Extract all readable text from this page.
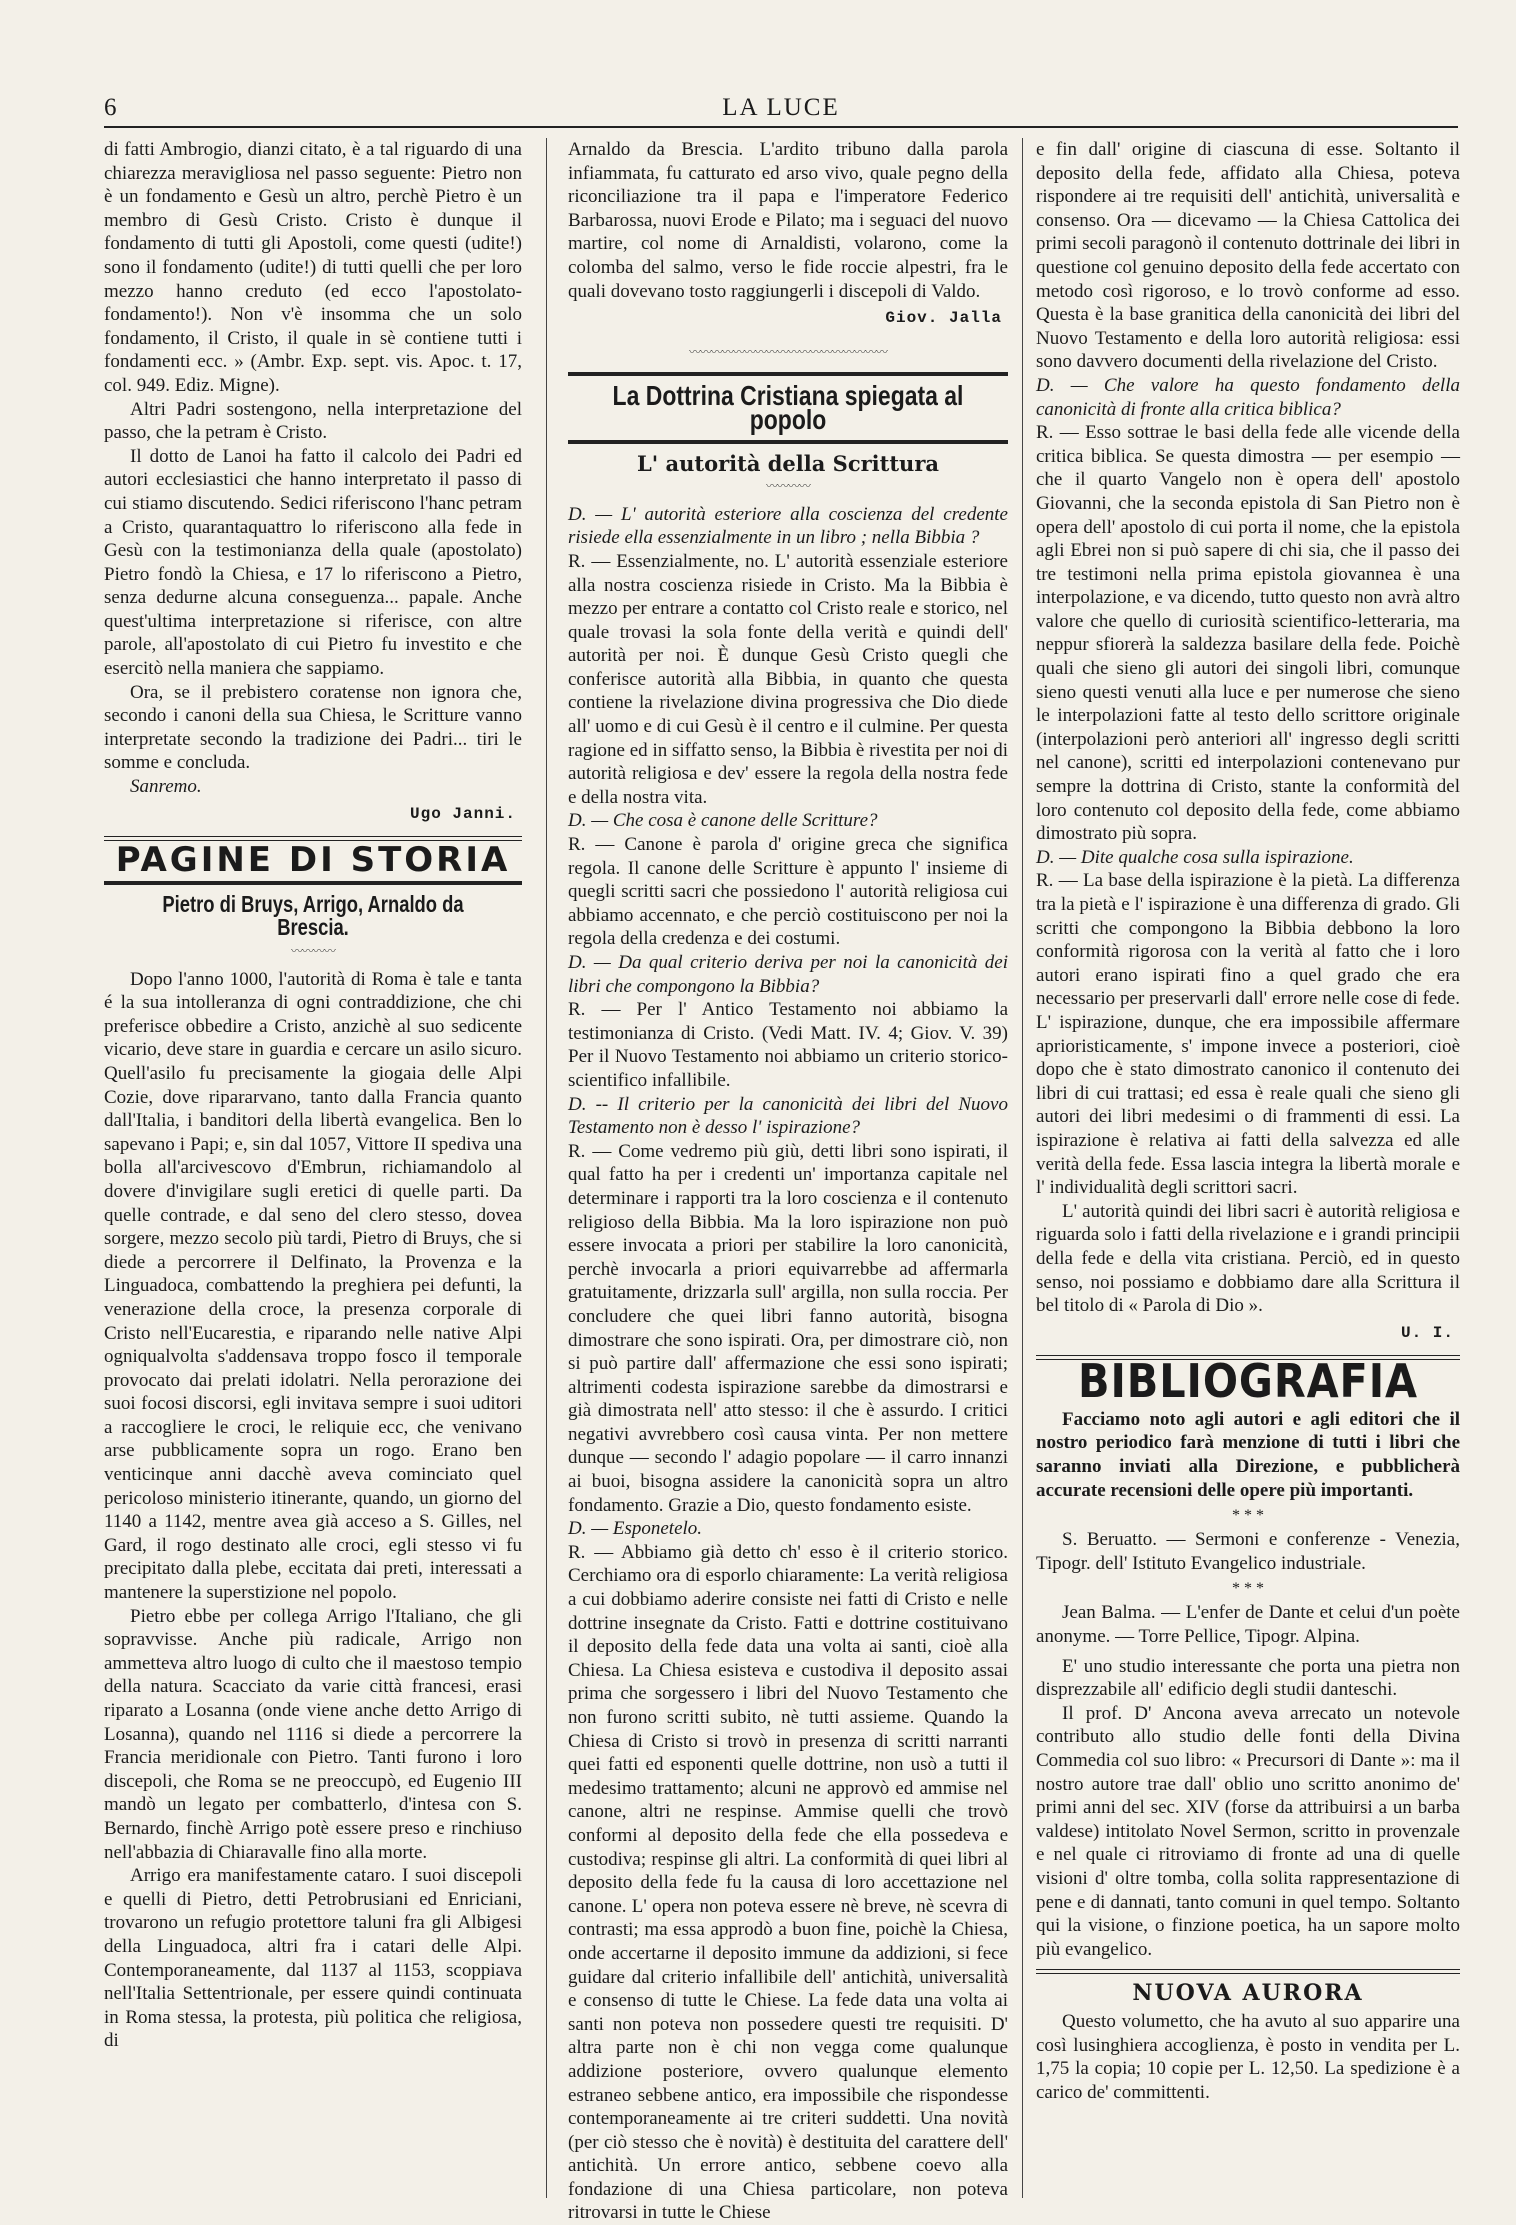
6	LA LUCE

di fatti Ambrogio, dianzi citato, è a tal riguardo di una chiarezza meravigliosa nel passo seguente: Pietro non è un fondamento e Gesù un altro, perchè Pietro è un membro di Gesù Cristo. Cristo è dunque il fondamento di tutti gli Apostoli, come questi (udite!) sono il fondamento (udite!) di tutti quelli che per loro mezzo hanno creduto (ed ecco l'apostolato-fondamento!). Non v'è insomma che un solo fondamento, il Cristo, il quale in sè contiene tutti i fondamenti ecc. » (Ambr. Exp. sept. vis. Apoc. t. 17, col. 949. Ediz. Migne).

Altri Padri sostengono, nella interpretazione del passo, che la petram è Cristo.

Il dotto de Lanoi ha fatto il calcolo dei Padri ed autori ecclesiastici che hanno interpretato il passo di cui stiamo discutendo. Sedici riferiscono l'hanc petram a Cristo, quarantaquattro lo riferiscono alla fede in Gesù con la testimonianza della quale (apostolato) Pietro fondò la Chiesa, e 17 lo riferiscono a Pietro, senza dedurne alcuna conseguenza... papale. Anche quest'ultima interpretazione si riferisce, con altre parole, all'apostolato di cui Pietro fu investito e che esercitò nella maniera che sappiamo.

Ora, se il prebistero coratense non ignora che, secondo i canoni della sua Chiesa, le Scritture vanno interpretate secondo la tradizione dei Padri... tiri le somme e concluda.

Sanremo.
Ugo Janni.
PAGINE DI STORIA
Pietro di Bruys, Arrigo, Arnaldo da Brescia.
〰〰〰〰

Dopo l'anno 1000, l'autorità di Roma è tale e tanta é la sua intolleranza di ogni contraddizione, che chi preferisce obbedire a Cristo, anzichè al suo sedicente vicario, deve stare in guardia e cercare un asilo sicuro. Quell'asilo fu precisamente la giogaia delle Alpi Cozie, dove ripararvano, tanto dalla Francia quanto dall'Italia, i banditori della libertà evangelica. Ben lo sapevano i Papi; e, sin dal 1057, Vittore II spediva una bolla all'arcivescovo d'Embrun, richiamandolo al dovere d'invigilare sugli eretici di quelle parti. Da quelle contrade, e dal seno del clero stesso, dovea sorgere, mezzo secolo più tardi, Pietro di Bruys, che si diede a percorrere il Delfinato, la Provenza e la Linguadoca, combattendo la preghiera pei defunti, la venerazione della croce, la presenza corporale di Cristo nell'Eucarestia, e riparando nelle native Alpi ogniqualvolta s'addensava troppo fosco il temporale provocato dai prelati idolatri. Nella perorazione dei suoi focosi discorsi, egli invitava sempre i suoi uditori a raccogliere le croci, le reliquie ecc, che venivano arse pubblicamente sopra un rogo. Erano ben venticinque anni dacchè aveva cominciato quel pericoloso ministerio itinerante, quando, un giorno del 1140 a 1142, mentre avea già acceso a S. Gilles, nel Gard, il rogo destinato alle croci, egli stesso vi fu precipitato dalla plebe, eccitata dai preti, interessati a mantenere la superstizione nel popolo.

Pietro ebbe per collega Arrigo l'Italiano, che gli sopravvisse. Anche più radicale, Arrigo non ammetteva altro luogo di culto che il maestoso tempio della natura. Scacciato da varie città francesi, erasi riparato a Losanna (onde viene anche detto Arrigo di Losanna), quando nel 1116 si diede a percorrere la Francia meridionale con Pietro. Tanti furono i loro discepoli, che Roma se ne preoccupò, ed Eugenio III mandò un legato per combatterlo, d'intesa con S. Bernardo, finchè Arrigo potè essere preso e rinchiuso nell'abbazia di Chiaravalle fino alla morte.

Arrigo era manifestamente cataro. I suoi discepoli e quelli di Pietro, detti Petrobrusiani ed Enriciani, trovarono un refugio protettore taluni fra gli Albigesi della Linguadoca, altri fra i catari delle Alpi. Contemporaneamente, dal 1137 al 1153, scoppiava nell'Italia Settentrionale, per essere quindi continuata in Roma stessa, la protesta, più politica che religiosa, di

Arnaldo da Brescia. L'ardito tribuno dalla parola infiammata, fu catturato ed arso vivo, quale pegno della riconciliazione tra il papa e l'imperatore Federico Barbarossa, nuovi Erode e Pilato; ma i seguaci del nuovo martire, col nome di Arnaldisti, volarono, come la colomba del salmo, verso le fide roccie alpestri, fra le quali dovevano tosto raggiungerli i discepoli di Valdo.

Giov. Jalla
〰〰〰〰〰〰〰〰〰〰〰〰〰〰〰〰〰〰
La Dottrina Cristiana spiegata al popolo
L' autorità della Scrittura
〰〰〰〰

D. — L' autorità esteriore alla coscienza del credente risiede ella essenzialmente in un libro ; nella Bibbia ?

R. — Essenzialmente, no. L' autorità essenziale esteriore alla nostra coscienza risiede in Cristo. Ma la Bibbia è mezzo per entrare a contatto col Cristo reale e storico, nel quale trovasi la sola fonte della verità e quindi dell' autorità per noi. È dunque Gesù Cristo quegli che conferisce autorità alla Bibbia, in quanto che questa contiene la rivelazione divina progressiva che Dio diede all' uomo e di cui Gesù è il centro e il culmine. Per questa ragione ed in siffatto senso, la Bibbia è rivestita per noi di autorità religiosa e dev' essere la regola della nostra fede e della nostra vita.

D. — Che cosa è canone delle Scritture?

R. — Canone è parola d' origine greca che significa regola. Il canone delle Scritture è appunto l' insieme di quegli scritti sacri che possiedono l' autorità religiosa cui abbiamo accennato, e che perciò costituiscono per noi la regola della credenza e dei costumi.

D. — Da qual criterio deriva per noi la canonicità dei libri che compongono la Bibbia?

R. — Per l' Antico Testamento noi abbiamo la testimonianza di Cristo. (Vedi Matt. IV. 4; Giov. V. 39) Per il Nuovo Testamento noi abbiamo un criterio storico-scientifico infallibile.

D. -- Il criterio per la canonicità dei libri del Nuovo Testamento non è desso l' ispirazione?

R. — Come vedremo più giù, detti libri sono ispirati, il qual fatto ha per i credenti un' importanza capitale nel determinare i rapporti tra la loro coscienza e il contenuto religioso della Bibbia. Ma la loro ispirazione non può essere invocata a priori per stabilire la loro canonicità, perchè invocarla a priori equivarrebbe ad affermarla gratuitamente, drizzarla sull' argilla, non sulla roccia. Per concludere che quei libri fanno autorità, bisogna dimostrare che sono ispirati. Ora, per dimostrare ciò, non si può partire dall' affermazione che essi sono ispirati; altrimenti codesta ispirazione sarebbe da dimostrarsi e già dimostrata nell' atto stesso: il che è assurdo. I critici negativi avvrebbero così causa vinta. Per non mettere dunque — secondo l' adagio popolare — il carro innanzi ai buoi, bisogna assidere la canonicità sopra un altro fondamento. Grazie a Dio, questo fondamento esiste.

D. — Esponetelo.

R. — Abbiamo già detto ch' esso è il criterio storico. Cerchiamo ora di esporlo chiaramente: La verità religiosa a cui dobbiamo aderire consiste nei fatti di Cristo e nelle dottrine insegnate da Cristo. Fatti e dottrine costituivano il deposito della fede data una volta ai santi, cioè alla Chiesa. La Chiesa esisteva e custodiva il deposito assai prima che sorgessero i libri del Nuovo Testamento che non furono scritti subito, nè tutti assieme. Quando la Chiesa di Cristo si trovò in presenza di scritti narranti quei fatti ed esponenti quelle dottrine, non usò a tutti il medesimo trattamento; alcuni ne approvò ed ammise nel canone, altri ne respinse. Ammise quelli che trovò conformi al deposito della fede che ella possedeva e custodiva; respinse gli altri. La conformità di quei libri al deposito della fede fu la causa di loro accettazione nel canone. L' opera non poteva essere nè breve, nè scevra di contrasti; ma essa approdò a buon fine, poichè la Chiesa, onde accertarne il deposito immune da addizioni, si fece guidare dal criterio infallibile dell' antichità, universalità e consenso di tutte le Chiese. La fede data una volta ai santi non poteva non possedere questi tre requisiti. D' altra parte non è chi non vegga come qualunque addizione posteriore, ovvero qualunque elemento estraneo sebbene antico, era impossibile che rispondesse contemporaneamente ai tre criteri suddetti. Una novità (per ciò stesso che è novità) è destituita del carattere dell' antichità. Un errore antico, sebbene coevo alla fondazione di una Chiesa particolare, non poteva ritrovarsi in tutte le Chiese

e fin dall' origine di ciascuna di esse. Soltanto il deposito della fede, affidato alla Chiesa, poteva rispondere ai tre requisiti dell' antichità, universalità e consenso. Ora — dicevamo — la Chiesa Cattolica dei primi secoli paragonò il contenuto dottrinale dei libri in questione col genuino deposito della fede accertato con metodo così rigoroso, e lo trovò conforme ad esso. Questa è la base granitica della canonicità dei libri del Nuovo Testamento e della loro autorità religiosa: essi sono davvero documenti della rivelazione del Cristo.

D. — Che valore ha questo fondamento della canonicità di fronte alla critica biblica?

R. — Esso sottrae le basi della fede alle vicende della critica biblica. Se questa dimostra — per esempio — che il quarto Vangelo non è opera dell' apostolo Giovanni, che la seconda epistola di San Pietro non è opera dell' apostolo di cui porta il nome, che la epistola agli Ebrei non si può sapere di chi sia, che il passo dei tre testimoni nella prima epistola giovannea è una interpolazione, e va dicendo, tutto questo non avrà altro valore che quello di curiosità scientifico-letteraria, ma neppur sfiorerà la saldezza basilare della fede. Poichè quali che sieno gli autori dei singoli libri, comunque sieno questi venuti alla luce e per numerose che sieno le interpolazioni fatte al testo dello scrittore originale (interpolazioni però anteriori all' ingresso degli scritti nel canone), scritti ed interpolazioni contenevano pur sempre la dottrina di Cristo, stante la conformità del loro contenuto col deposito della fede, come abbiamo dimostrato più sopra.

D. — Dite qualche cosa sulla ispirazione.

R. — La base della ispirazione è la pietà. La differenza tra la pietà e l' ispirazione è una differenza di grado. Gli scritti che compongono la Bibbia debbono la loro conformità rigorosa con la verità al fatto che i loro autori erano ispirati fino a quel grado che era necessario per preservarli dall' errore nelle cose di fede. L' ispirazione, dunque, che era impossibile affermare aprioristicamente, s' impone invece a posteriori, cioè dopo che è stato dimostrato canonico il contenuto dei libri di cui trattasi; ed essa è reale quali che sieno gli autori dei libri medesimi o di frammenti di essi. La ispirazione è relativa ai fatti della salvezza ed alle verità della fede. Essa lascia integra la libertà morale e l' individualità degli scrittori sacri.

L' autorità quindi dei libri sacri è autorità religiosa e riguarda solo i fatti della rivelazione e i grandi principii della fede e della vita cristiana. Perciò, ed in questo senso, noi possiamo e dobbiamo dare alla Scrittura il bel titolo di « Parola di Dio ».

U. I.
BIBLIOGRAFIA

Facciamo noto agli autori e agli editori che il nostro periodico farà menzione di tutti i libri che saranno inviati alla Direzione, e pubblicherà accurate recensioni delle opere più importanti.

* * *

S. Beruatto. — Sermoni e conferenze - Venezia, Tipogr. dell' Istituto Evangelico industriale.

* * *

Jean Balma. — L'enfer de Dante et celui d'un poète anonyme. — Torre Pellice, Tipogr. Alpina.

E' uno studio interessante che porta una pietra non disprezzabile all' edificio degli studii danteschi.

Il prof. D' Ancona aveva arrecato un notevole contributo allo studio delle fonti della Divina Commedia col suo libro: « Precursori di Dante »: ma il nostro autore trae dall' oblio uno scritto anonimo de' primi anni del sec. XIV (forse da attribuirsi a un barba valdese) intitolato Novel Sermon, scritto in provenzale e nel quale ci ritroviamo di fronte ad una di quelle visioni d' oltre tomba, colla solita rappresentazione di pene e di dannati, tanto comuni in quel tempo. Soltanto qui la visione, o finzione poetica, ha un sapore molto più evangelico.

NUOVA AURORA

Questo volumetto, che ha avuto al suo apparire una così lusinghiera accoglienza, è posto in vendita per L. 1,75 la copia; 10 copie per L. 12,50. La spedizione è a carico de' committenti.
